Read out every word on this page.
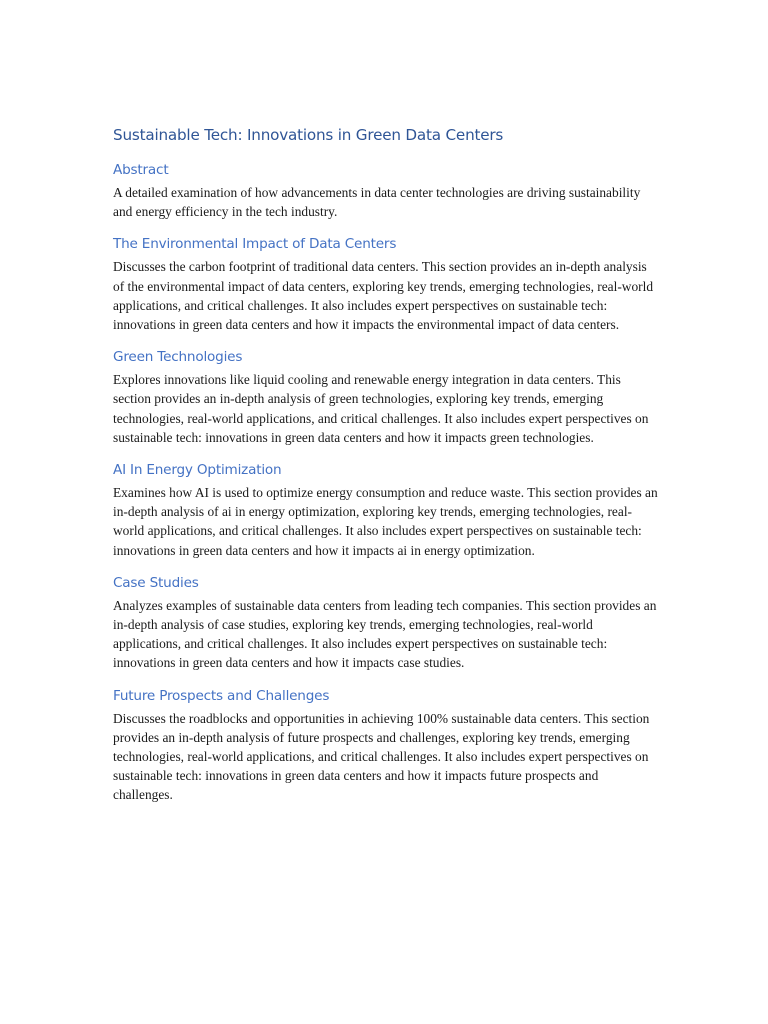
Sustainable Tech: Innovations in Green Data Centers
Abstract

A detailed examination of how advancements in data center technologies are driving sustainability and energy efficiency in the tech industry.

The Environmental Impact of Data Centers

Discusses the carbon footprint of traditional data centers. This section provides an in-depth analysis of the environmental impact of data centers, exploring key trends, emerging technologies, real-world applications, and critical challenges. It also includes expert perspectives on sustainable tech: innovations in green data centers and how it impacts the environmental impact of data centers.

Green Technologies

Explores innovations like liquid cooling and renewable energy integration in data centers. This section provides an in-depth analysis of green technologies, exploring key trends, emerging technologies, real-world applications, and critical challenges. It also includes expert perspectives on sustainable tech: innovations in green data centers and how it impacts green technologies.

AI In Energy Optimization

Examines how AI is used to optimize energy consumption and reduce waste. This section provides an in-depth analysis of ai in energy optimization, exploring key trends, emerging technologies, real-world applications, and critical challenges. It also includes expert perspectives on sustainable tech: innovations in green data centers and how it impacts ai in energy optimization.

Case Studies

Analyzes examples of sustainable data centers from leading tech companies. This section provides an in-depth analysis of case studies, exploring key trends, emerging technologies, real-world applications, and critical challenges. It also includes expert perspectives on sustainable tech: innovations in green data centers and how it impacts case studies.

Future Prospects and Challenges

Discusses the roadblocks and opportunities in achieving 100% sustainable data centers. This section provides an in-depth analysis of future prospects and challenges, exploring key trends, emerging technologies, real-world applications, and critical challenges. It also includes expert perspectives on sustainable tech: innovations in green data centers and how it impacts future prospects and challenges.
